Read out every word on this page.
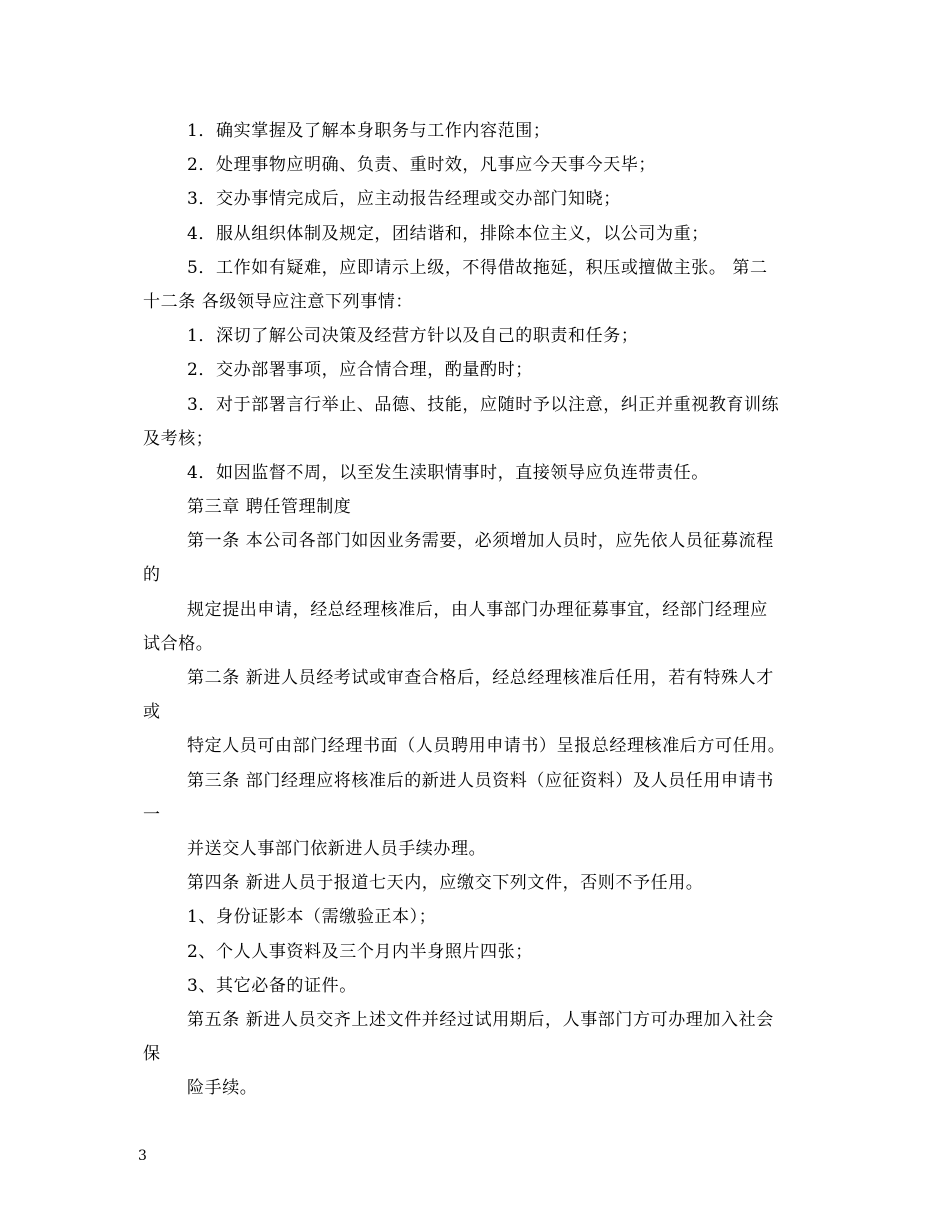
1．确实掌握及了解本身职务与工作内容范围；
2．处理事物应明确、负责、重时效，凡事应今天事今天毕；
3．交办事情完成后，应主动报告经理或交办部门知晓；
4．服从组织体制及规定，团结谐和，排除本位主义，以公司为重；
5．工作如有疑难，应即请示上级，不得借故拖延，积压或擅做主张。 第二
十二条 各级领导应注意下列事情：
1．深切了解公司决策及经营方针以及自己的职责和任务；
2．交办部署事项，应合情合理，酌量酌时；
3．对于部署言行举止、品德、技能，应随时予以注意，纠正并重视教育训练
及考核；
4．如因监督不周，以至发生渎职情事时，直接领导应负连带责任。
第三章 聘任管理制度
第一条 本公司各部门如因业务需要，必须增加人员时，应先依人员征募流程
的
规定提出申请，经总经理核准后，由人事部门办理征募事宜，经部门经理应
试合格。
第二条 新进人员经考试或审查合格后，经总经理核准后任用，若有特殊人才
或
特定人员可由部门经理书面（人员聘用申请书）呈报总经理核准后方可任用。
第三条 部门经理应将核准后的新进人员资料（应征资料）及人员任用申请书
一
并送交人事部门依新进人员手续办理。
第四条 新进人员于报道七天内，应缴交下列文件，否则不予任用。
1、身份证影本（需缴验正本）；
2、个人人事资料及三个月内半身照片四张；
3、其它必备的证件。
第五条 新进人员交齐上述文件并经过试用期后，人事部门方可办理加入社会
保
险手续。
3
